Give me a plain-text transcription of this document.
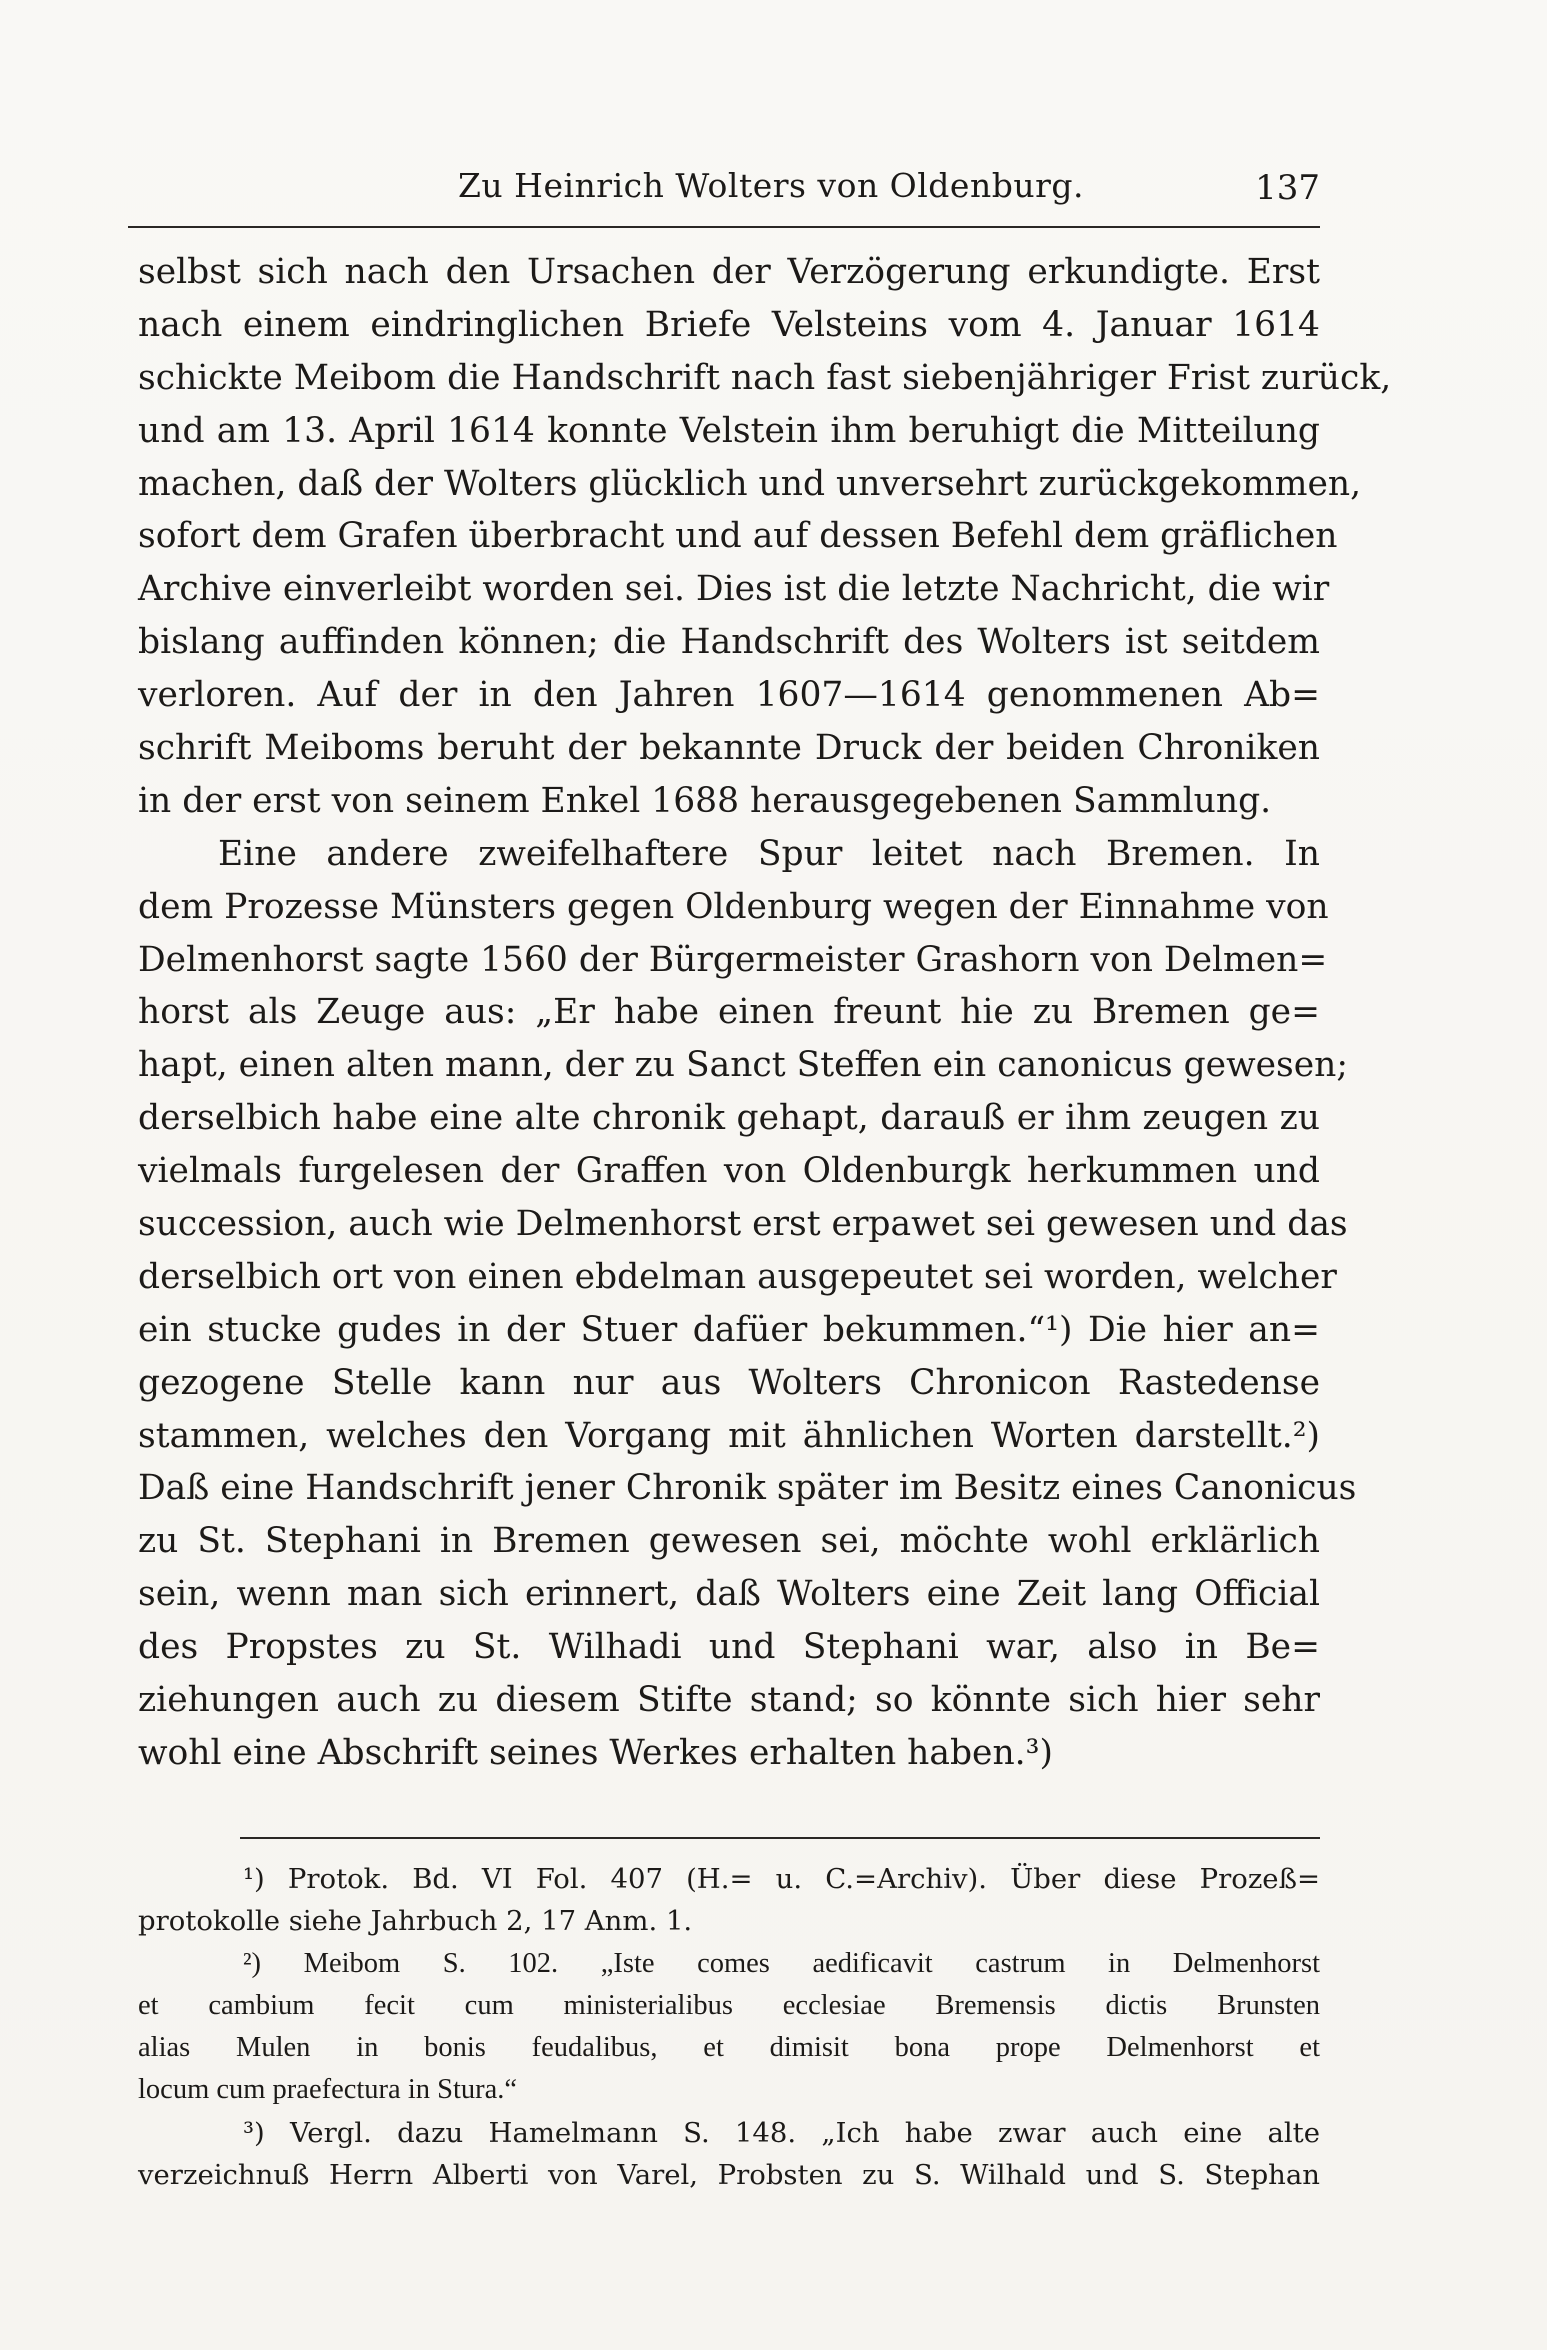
Zu Heinrich Wolters von Oldenburg.	137
selbst sich nach den Ursachen der Verzögerung erkundigte. Erst
nach einem eindringlichen Briefe Velsteins vom 4. Januar 1614
schickte Meibom die Handschrift nach fast siebenjähriger Frist zurück,
und am 13. April 1614 konnte Velstein ihm beruhigt die Mitteilung
machen, daß der Wolters glücklich und unversehrt zurückgekommen,
sofort dem Grafen überbracht und auf dessen Befehl dem gräflichen
Archive einverleibt worden sei. Dies ist die letzte Nachricht, die wir
bislang auffinden können; die Handschrift des Wolters ist seitdem
verloren. Auf der in den Jahren 1607—1614 genommenen Ab=
schrift Meiboms beruht der bekannte Druck der beiden Chroniken
in der erst von seinem Enkel 1688 herausgegebenen Sammlung.
Eine andere zweifelhaftere Spur leitet nach Bremen. In
dem Prozesse Münsters gegen Oldenburg wegen der Einnahme von
Delmenhorst sagte 1560 der Bürgermeister Grashorn von Delmen=
horst als Zeuge aus: „Er habe einen freunt hie zu Bremen ge=
hapt, einen alten mann, der zu Sanct Steffen ein canonicus gewesen;
derselbich habe eine alte chronik gehapt, darauß er ihm zeugen zu
vielmals furgelesen der Graffen von Oldenburgk herkummen und
succession, auch wie Delmenhorst erst erpawet sei gewesen und das
derselbich ort von einen ebdelman ausgepeutet sei worden, welcher
ein stucke gudes in der Stuer dafüer bekummen.“¹) Die hier an=
gezogene Stelle kann nur aus Wolters Chronicon Rastedense
stammen, welches den Vorgang mit ähnlichen Worten darstellt.²)
Daß eine Handschrift jener Chronik später im Besitz eines Canonicus
zu St. Stephani in Bremen gewesen sei, möchte wohl erklärlich
sein, wenn man sich erinnert, daß Wolters eine Zeit lang Official
des Propstes zu St. Wilhadi und Stephani war, also in Be=
ziehungen auch zu diesem Stifte stand; so könnte sich hier sehr
wohl eine Abschrift seines Werkes erhalten haben.³)
¹) Protok. Bd. VI Fol. 407 (H.= u. C.=Archiv). Über diese Prozeß=
protokolle siehe Jahrbuch 2, 17 Anm. 1.
²) Meibom S. 102. „Iste comes aedificavit castrum in Delmenhorst
et cambium fecit cum ministerialibus ecclesiae Bremensis dictis Brunsten
alias Mulen in bonis feudalibus, et dimisit bona prope Delmenhorst et
locum cum praefectura in Stura.“
³) Vergl. dazu Hamelmann S. 148. „Ich habe zwar auch eine alte
verzeichnuß Herrn Alberti von Varel, Probsten zu S. Wilhald und S. Stephan
